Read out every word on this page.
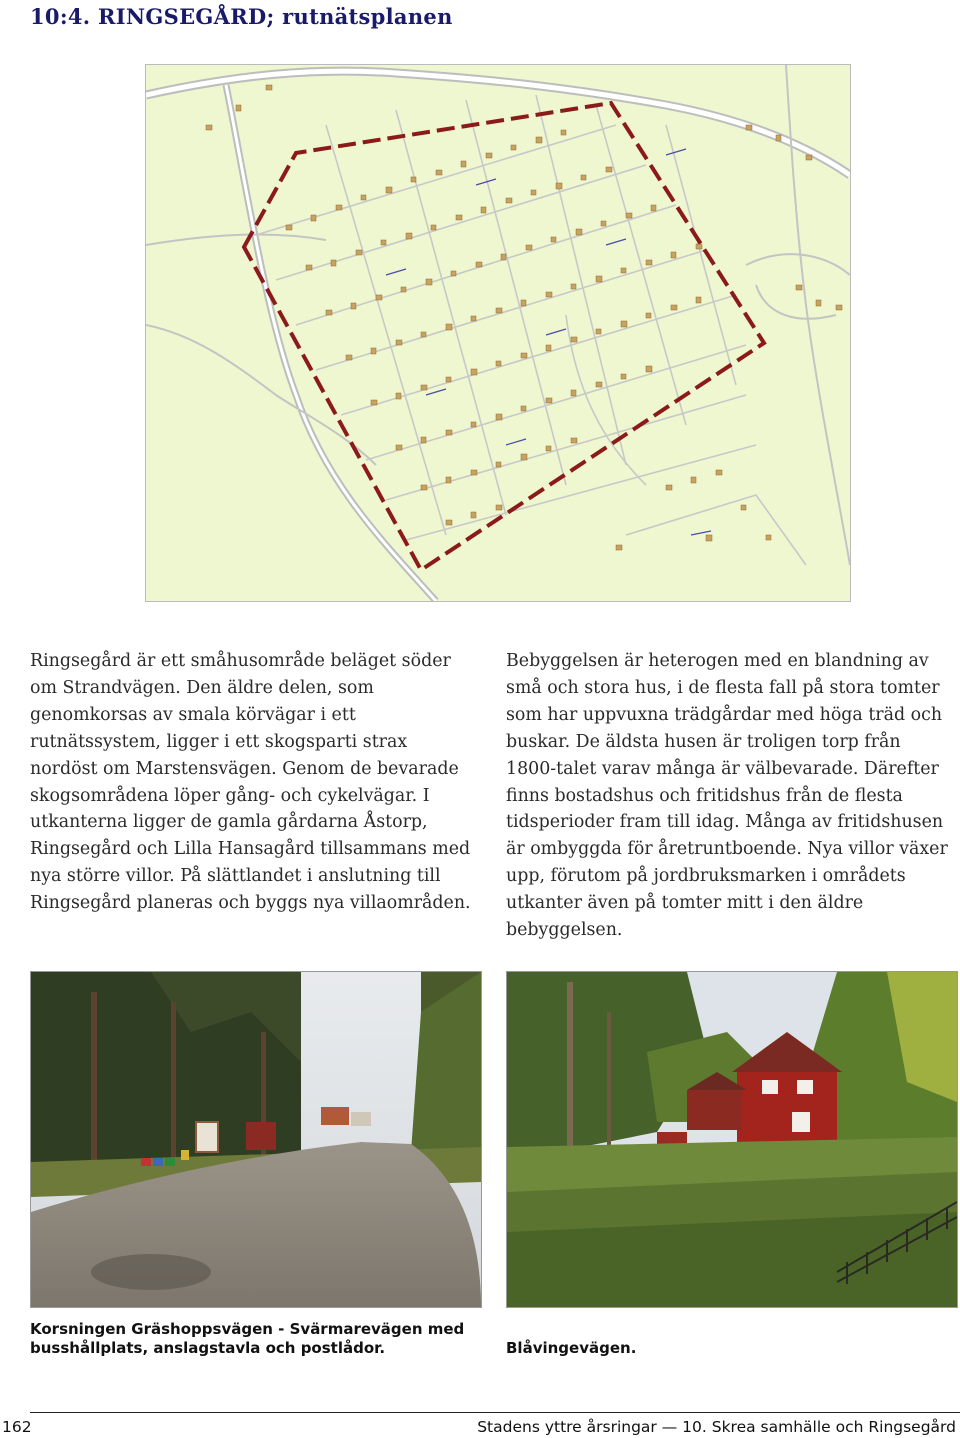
10:4. RINGSEGÅRD; rutnätsplanen
Ringsegård är ett småhusområde beläget söder om Strandvägen. Den äldre delen, som genomkorsas av smala körvägar i ett rutnätssystem, ligger i ett skogsparti strax nordöst om Marstensvägen. Genom de bevarade skogsområdena löper gång- och cykelvägar. I utkanterna ligger de gamla gårdarna Åstorp, Ringsegård och Lilla Hansagård tillsammans med nya större villor. På slättlandet i anslutning till Ringsegård planeras och byggs nya villaområden.
Bebyggelsen är heterogen med en blandning av små och stora hus, i de flesta fall på stora tomter som har uppvuxna trädgårdar med höga träd och buskar. De äldsta husen är troligen torp från 1800-talet varav många är välbevarade. Därefter finns bostadshus och fritidshus från de flesta tidsperioder fram till idag. Många av fritidshusen är ombyggda för åretruntboende. Nya villor växer upp, förutom på jordbruksmarken i områdets utkanter även på tomter mitt i den äldre bebyggelsen.
Korsningen Gräshoppsvägen - Svärmarevägen med busshållplats, anslagstavla och postlådor.	Blåvingevägen.
162	Stadens yttre årsringar — 10. Skrea samhälle och Ringsegård
